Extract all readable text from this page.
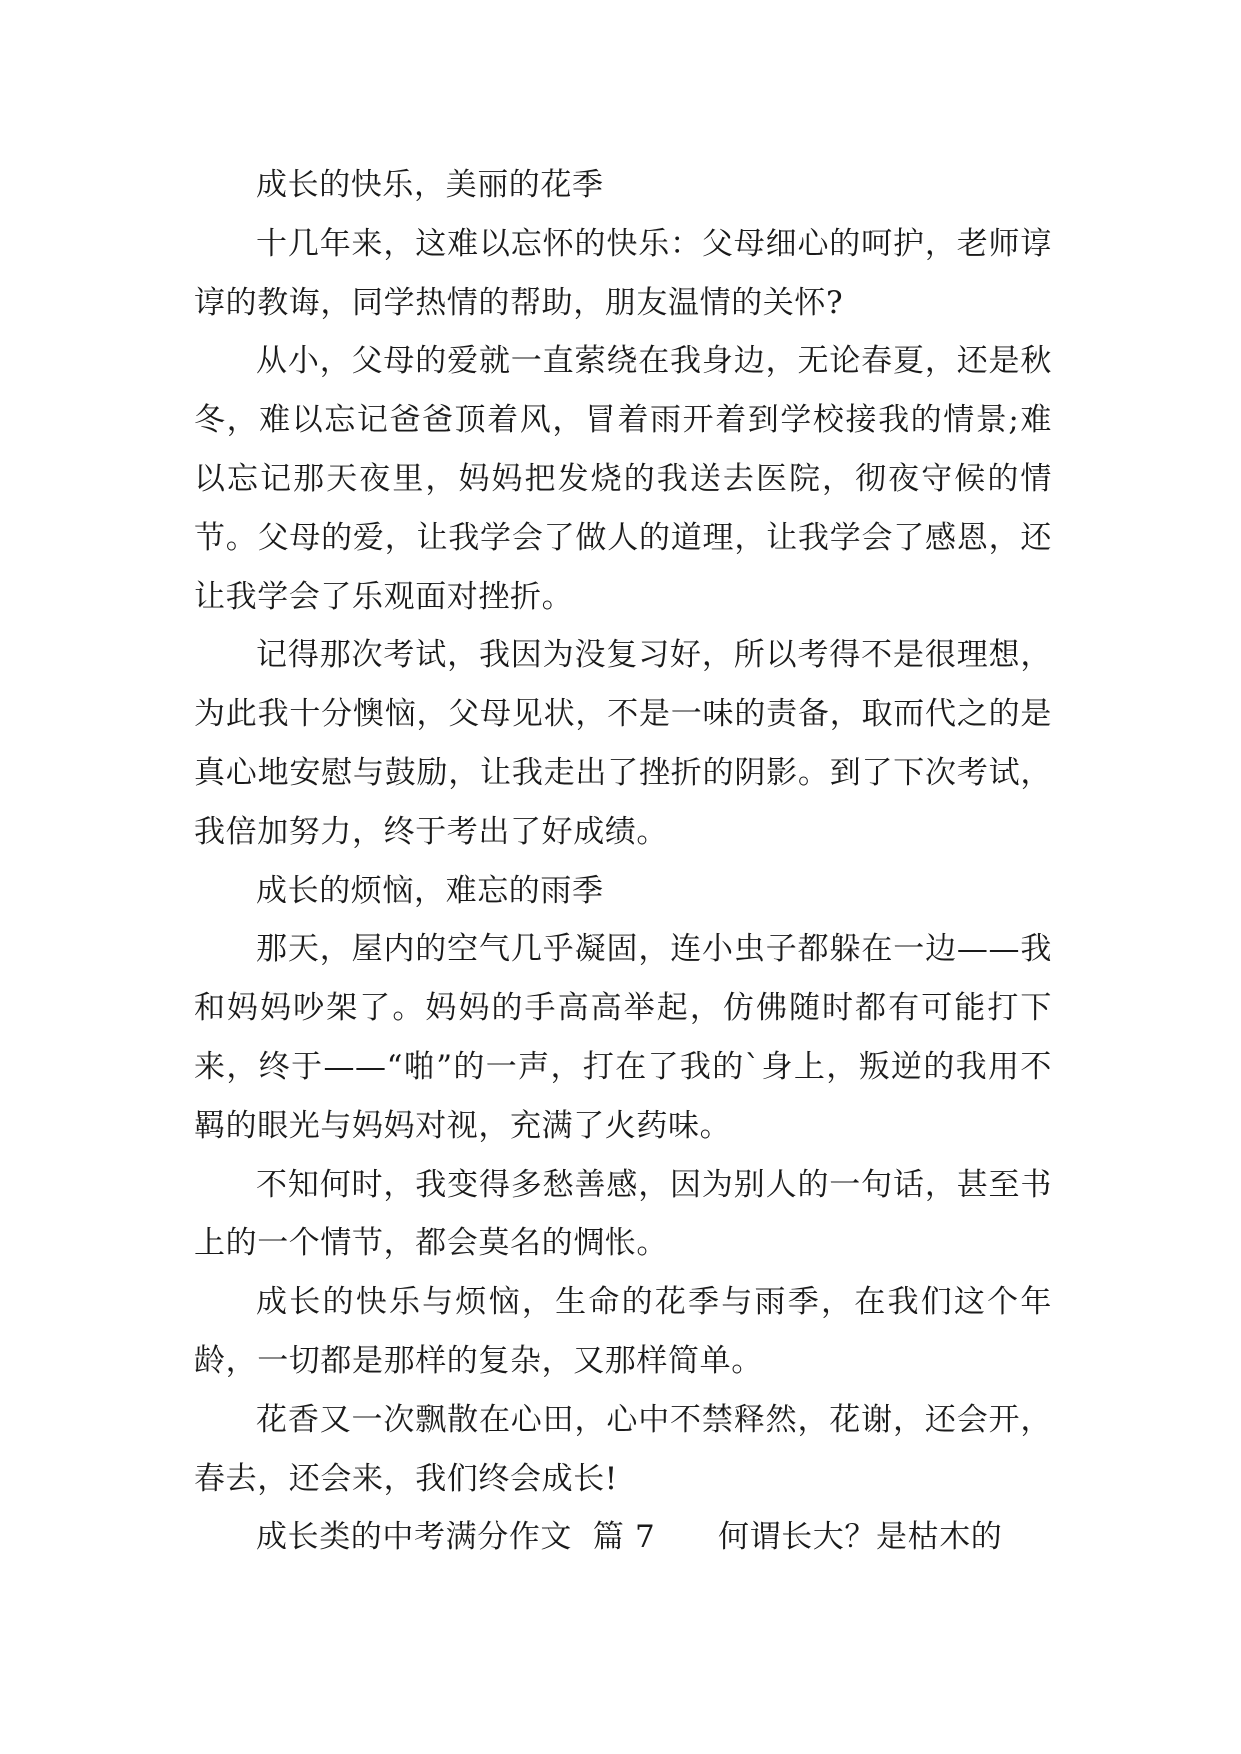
成长的快乐，美丽的花季

十几年来，这难以忘怀的快乐：父母细心的呵护，老师谆谆的教诲，同学热情的帮助，朋友温情的关怀?

从小，父母的爱就一直萦绕在我身边，无论春夏，还是秋冬，难以忘记爸爸顶着风，冒着雨开着到学校接我的情景;难以忘记那天夜里，妈妈把发烧的我送去医院，彻夜守候的情节。父母的爱，让我学会了做人的道理，让我学会了感恩，还让我学会了乐观面对挫折。

记得那次考试，我因为没复习好，所以考得不是很理想，为此我十分懊恼，父母见状，不是一味的责备，取而代之的是真心地安慰与鼓励，让我走出了挫折的阴影。到了下次考试，我倍加努力，终于考出了好成绩。

成长的烦恼，难忘的雨季

那天，屋内的空气几乎凝固，连小虫子都躲在一边——我和妈妈吵架了。妈妈的手高高举起，仿佛随时都有可能打下来，终于——“啪”的一声，打在了我的`身上，叛逆的我用不羁的眼光与妈妈对视，充满了火药味。

不知何时，我变得多愁善感，因为别人的一句话，甚至书上的一个情节，都会莫名的惆怅。

成长的快乐与烦恼，生命的花季与雨季，在我们这个年龄，一切都是那样的复杂，又那样简单。

花香又一次飘散在心田，心中不禁释然，花谢，还会开，春去，还会来，我们终会成长!

成长类的中考满分作文  篇 7      何谓长大？是枯木的
